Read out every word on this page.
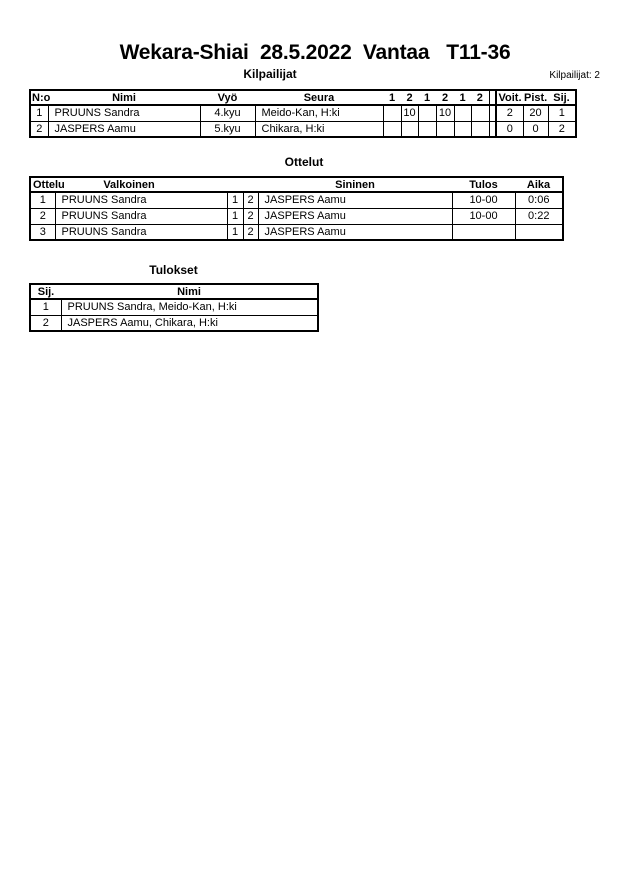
Wekara-Shiai  28.5.2022  Vantaa   T11-36
Kilpailijat	Kilpailijat: 2
N:o	Nimi	Vyö	Seura	1	2	1	2	1	2		Voit.	Pist.	Sij.
1	PRUUNS Sandra	4.kyu	Meido-Kan, H:ki		10		10				2	20	1
2	JASPERS Aamu	5.kyu	Chikara, H:ki								0	0	2
Ottelut
Ottelu Valkoinen				Sininen	Tulos	Aika
1	PRUUNS Sandra	1	2	JASPERS Aamu	10-00	0:06
2	PRUUNS Sandra	1	2	JASPERS Aamu	10-00	0:22
3	PRUUNS Sandra	1	2	JASPERS Aamu		
Tulokset
Sij.	Nimi
1	PRUUNS Sandra, Meido-Kan, H:ki
2	JASPERS Aamu, Chikara, H:ki
